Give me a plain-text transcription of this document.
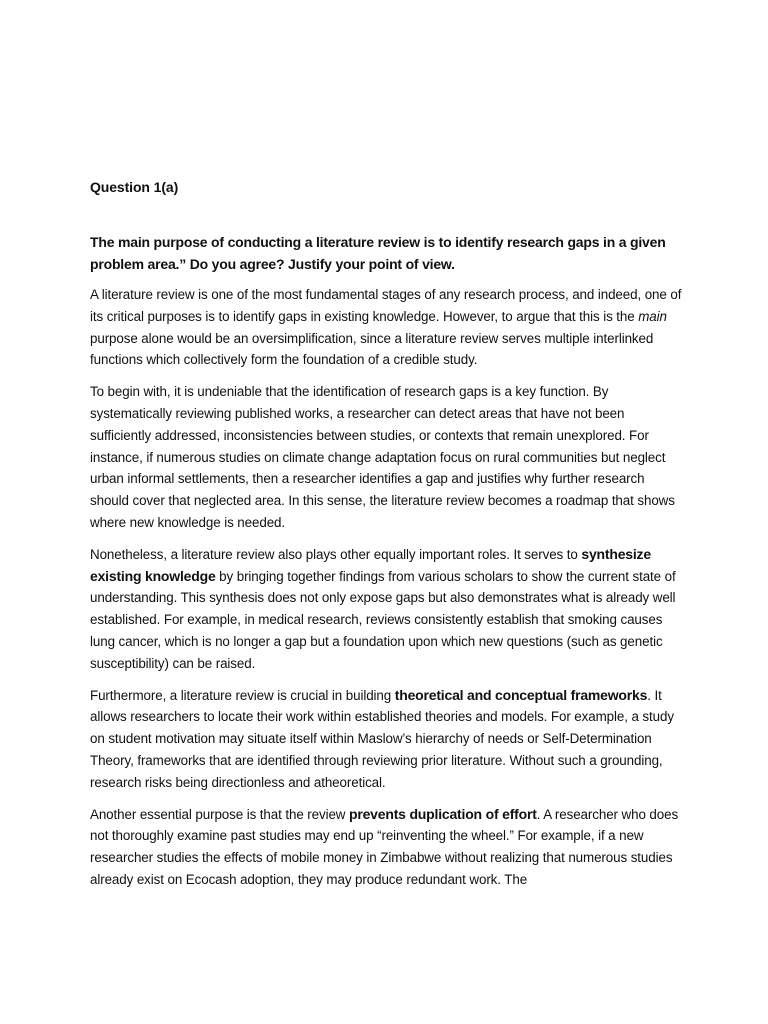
Question 1(a)

The main purpose of conducting a literature review is to identify research gaps in a given problem area.” Do you agree? Justify your point of view.

A literature review is one of the most fundamental stages of any research process, and indeed, one of its critical purposes is to identify gaps in existing knowledge. However, to argue that this is the main purpose alone would be an oversimplification, since a literature review serves multiple interlinked functions which collectively form the foundation of a credible study.

To begin with, it is undeniable that the identification of research gaps is a key function. By systematically reviewing published works, a researcher can detect areas that have not been sufficiently addressed, inconsistencies between studies, or contexts that remain unexplored. For instance, if numerous studies on climate change adaptation focus on rural communities but neglect urban informal settlements, then a researcher identifies a gap and justifies why further research should cover that neglected area. In this sense, the literature review becomes a roadmap that shows where new knowledge is needed.

Nonetheless, a literature review also plays other equally important roles. It serves to synthesize existing knowledge by bringing together findings from various scholars to show the current state of understanding. This synthesis does not only expose gaps but also demonstrates what is already well established. For example, in medical research, reviews consistently establish that smoking causes lung cancer, which is no longer a gap but a foundation upon which new questions (such as genetic susceptibility) can be raised.

Furthermore, a literature review is crucial in building theoretical and conceptual frameworks. It allows researchers to locate their work within established theories and models. For example, a study on student motivation may situate itself within Maslow’s hierarchy of needs or Self-Determination Theory, frameworks that are identified through reviewing prior literature. Without such a grounding, research risks being directionless and atheoretical.

Another essential purpose is that the review prevents duplication of effort. A researcher who does not thoroughly examine past studies may end up “reinventing the wheel.” For example, if a new researcher studies the effects of mobile money in Zimbabwe without realizing that numerous studies already exist on Ecocash adoption, they may produce redundant work. The
